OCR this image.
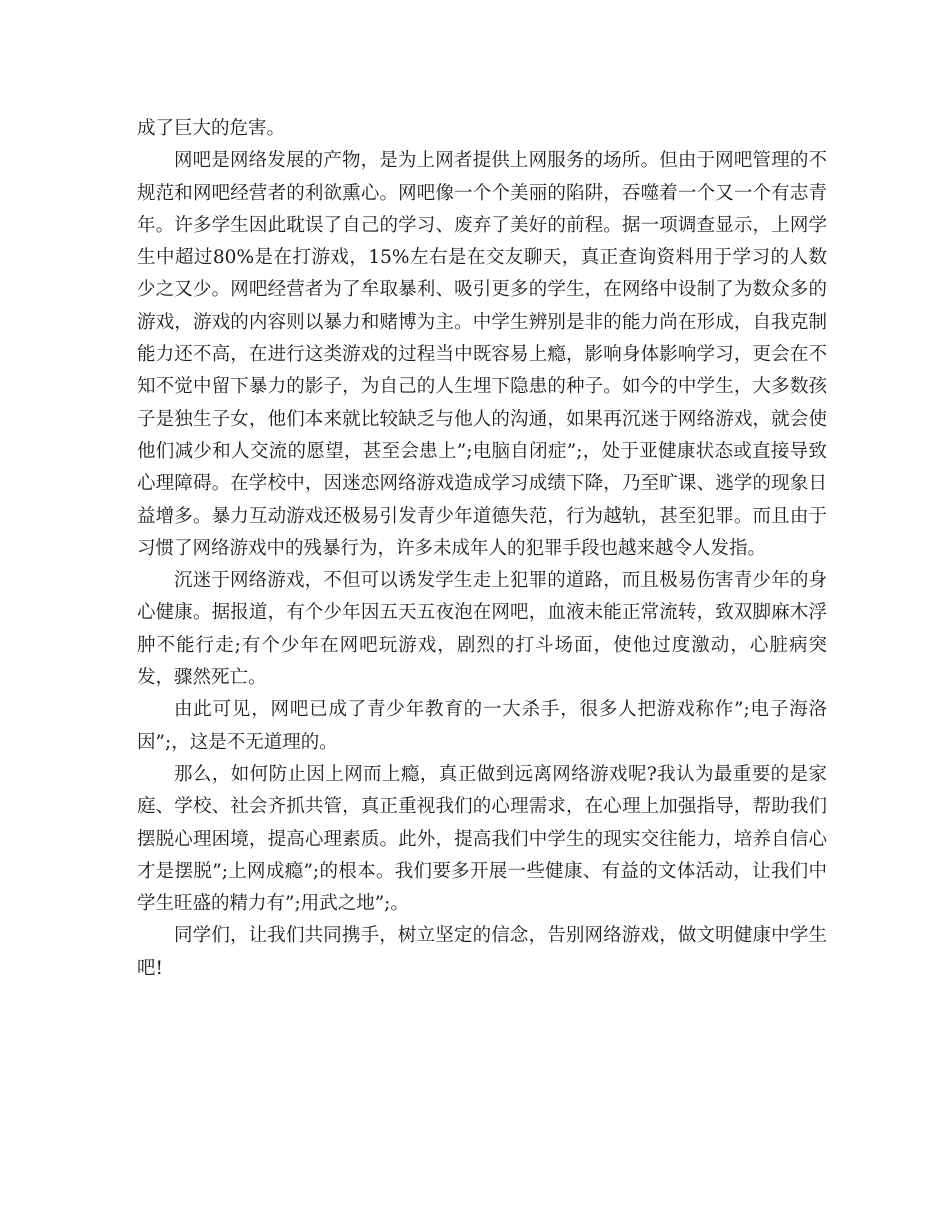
成了巨大的危害。

网吧是网络发展的产物，是为上网者提供上网服务的场所。但由于网吧管理的不规范和网吧经营者的利欲熏心。网吧像一个个美丽的陷阱，吞噬着一个又一个有志青年。许多学生因此耽误了自己的学习、废弃了美好的前程。据一项调查显示，上网学生中超过80%是在打游戏，15%左右是在交友聊天，真正查询资料用于学习的人数少之又少。网吧经营者为了牟取暴利、吸引更多的学生，在网络中设制了为数众多的游戏，游戏的内容则以暴力和赌博为主。中学生辨别是非的能力尚在形成，自我克制能力还不高，在进行这类游戏的过程当中既容易上瘾，影响身体影响学习，更会在不知不觉中留下暴力的影子，为自己的人生埋下隐患的种子。如今的中学生，大多数孩子是独生子女，他们本来就比较缺乏与他人的沟通，如果再沉迷于网络游戏，就会使他们减少和人交流的愿望，甚至会患上”;电脑自闭症”;，处于亚健康状态或直接导致心理障碍。在学校中，因迷恋网络游戏造成学习成绩下降，乃至旷课、逃学的现象日益增多。暴力互动游戏还极易引发青少年道德失范，行为越轨，甚至犯罪。而且由于习惯了网络游戏中的残暴行为，许多未成年人的犯罪手段也越来越令人发指。

沉迷于网络游戏，不但可以诱发学生走上犯罪的道路，而且极易伤害青少年的身心健康。据报道，有个少年因五天五夜泡在网吧，血液未能正常流转，致双脚麻木浮肿不能行走;有个少年在网吧玩游戏，剧烈的打斗场面，使他过度激动，心脏病突发，骤然死亡。

由此可见，网吧已成了青少年教育的一大杀手，很多人把游戏称作”;电子海洛因”;，这是不无道理的。

那么，如何防止因上网而上瘾，真正做到远离网络游戏呢?我认为最重要的是家庭、学校、社会齐抓共管，真正重视我们的心理需求，在心理上加强指导，帮助我们摆脱心理困境，提高心理素质。此外，提高我们中学生的现实交往能力，培养自信心才是摆脱”;上网成瘾”;的根本。我们要多开展一些健康、有益的文体活动，让我们中学生旺盛的精力有”;用武之地”;。

同学们，让我们共同携手，树立坚定的信念，告别网络游戏，做文明健康中学生吧!
